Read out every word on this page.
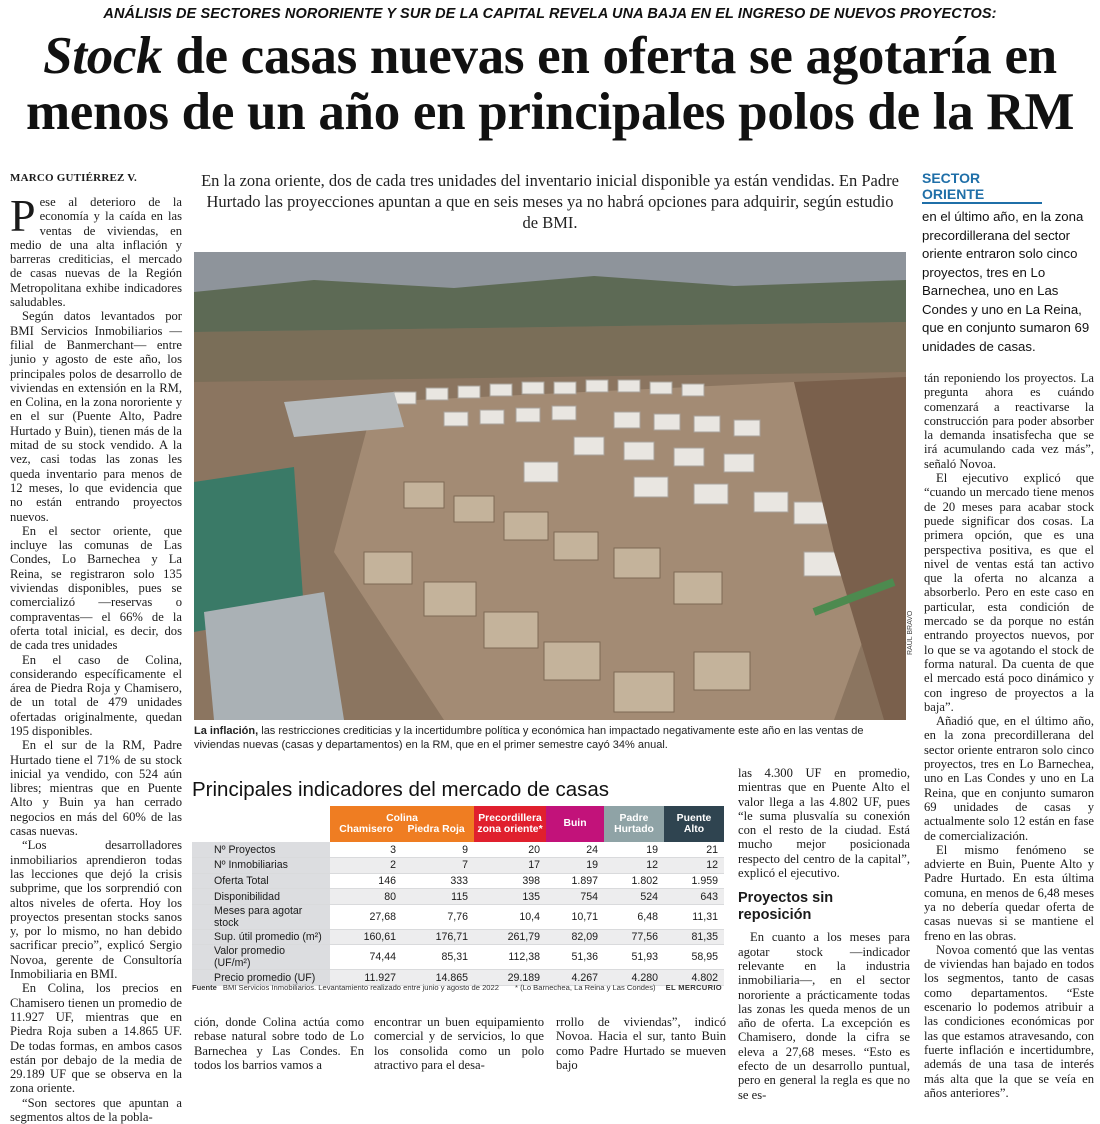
ANÁLISIS DE SECTORES NORORIENTE Y SUR DE LA CAPITAL REVELA UNA BAJA EN EL INGRESO DE NUEVOS PROYECTOS:
Stock de casas nuevas en oferta se agotaría en
menos de un año en principales polos de la RM
MARCO GUTIÉRREZ V.

Pese al deterioro de la economía y la caída en las ventas de viviendas, en medio de una alta inflación y barreras crediticias, el mercado de casas nuevas de la Región Metropolitana exhibe indicadores saludables.

Según datos levantados por BMI Servicios Inmobiliarios —filial de Banmerchant— entre junio y agosto de este año, los principales polos de desarrollo de viviendas en extensión en la RM, en Colina, en la zona nororiente y en el sur (Puente Alto, Padre Hurtado y Buin), tienen más de la mitad de su stock vendido. A la vez, casi todas las zonas les queda inventario para menos de 12 meses, lo que evidencia que no están entrando proyectos nuevos.

En el sector oriente, que incluye las comunas de Las Condes, Lo Barnechea y La Reina, se registraron solo 135 viviendas disponibles, pues se comercializó —reservas o compraventas— el 66% de la oferta total inicial, es decir, dos de cada tres unidades

En el caso de Colina, considerando específicamente el área de Piedra Roja y Chamisero, de un total de 479 unidades ofertadas originalmente, quedan 195 disponibles.

En el sur de la RM, Padre Hurtado tiene el 71% de su stock inicial ya vendido, con 524 aún libres; mientras que en Puente Alto y Buin ya han cerrado negocios en más del 60% de las casas nuevas.

“Los desarrolladores inmobiliarios aprendieron todas las lecciones que dejó la crisis subprime, que los sorprendió con altos niveles de oferta. Hoy los proyectos presentan stocks sanos y, por lo mismo, no han debido sacrificar precio”, explicó Sergio Novoa, gerente de Consultoría Inmobiliaria en BMI.

En Colina, los precios en Chamisero tienen un promedio de 11.927 UF, mientras que en Piedra Roja suben a 14.865 UF. De todas formas, en ambos casos están por debajo de la media de 29.189 UF que se observa en la zona oriente.

“Son sectores que apuntan a segmentos altos de la pobla-

En la zona oriente, dos de cada tres unidades del inventario inicial disponible ya están vendidas. En Padre Hurtado las proyecciones apuntan a que en seis meses ya no habrá opciones para adquirir, según estudio de BMI.
RAÚL BRAVO
La inflación, las restricciones crediticias y la incertidumbre política y económica han impactado negativamente este año en las ventas de viviendas nuevas (casas y departamentos) en la RM, que en el primer semestre cayó 34% anual.
SECTOR ORIENTE
en el último año, en la zona precordillerana del sector oriente entraron solo cinco proyectos, tres en Lo Barnechea, uno en Las Condes y uno en La Reina, que en conjunto sumaron 69 unidades de casas.

tán reponiendo los proyectos. La pregunta ahora es cuándo comenzará a reactivarse la construcción para poder absorber la demanda insatisfecha que se irá acumulando cada vez más”, señaló Novoa.

El ejecutivo explicó que “cuando un mercado tiene menos de 20 meses para acabar stock puede significar dos cosas. La primera opción, que es una perspectiva positiva, es que el nivel de ventas está tan activo que la oferta no alcanza a absorberlo. Pero en este caso en particular, esta condición de mercado se da porque no están entrando proyectos nuevos, por lo que se va agotando el stock de forma natural. Da cuenta de que el mercado está poco dinámico y con ingreso de proyectos a la baja”.

Añadió que, en el último año, en la zona precordillerana del sector oriente entraron solo cinco proyectos, tres en Lo Barnechea, uno en Las Condes y uno en La Reina, que en conjunto sumaron 69 unidades de casas y actualmente solo 12 están en fase de comercialización.

El mismo fenómeno se advierte en Buin, Puente Alto y Padre Hurtado. En esta última comuna, en menos de 6,48 meses ya no debería quedar oferta de casas nuevas si se mantiene el freno en las obras.

Novoa comentó que las ventas de viviendas han bajado en todos los segmentos, tanto de casas como departamentos. “Este escenario lo podemos atribuir a las condiciones económicas por las que estamos atravesando, con fuerte inflación e incertidumbre, además de una tasa de interés más alta que la que se veía en años anteriores”.

Principales indicadores del mercado de casas

	Colina
Chamisero Piedra Roja		Precordillera zona oriente*	Buin	Padre Hurtado	Puente Alto
Nº Proyectos	3	9	20	24	19	21
Nº Inmobiliarias	2	7	17	19	12	12
Oferta Total	146	333	398	1.897	1.802	1.959
Disponibilidad	80	115	135	754	524	643
Meses para agotar stock	27,68	7,76	10,4	10,71	6,48	11,31
Sup. útil promedio (m²)	160,61	176,71	261,79	82,09	77,56	81,35
Valor promedio (UF/m²)	74,44	85,31	112,38	51,36	51,93	58,95
Precio promedio (UF)	11.927	14.865	29.189	4.267	4.280	4.802
Fuente BMI Servicios Inmobiliarios. Levantamiento realizado entre junio y agosto de 2022 * (Lo Barnechea, La Reina y Las Condes) EL MERCURIO

las 4.300 UF en promedio, mientras que en Puente Alto el valor llega a las 4.802 UF, pues “le suma plusvalía su conexión con el resto de la ciudad. Está mucho mejor posicionada respecto del centro de la capital”, explicó el ejecutivo.

Proyectos sin reposición

En cuanto a los meses para agotar stock —indicador relevante en la industria inmobiliaria—, en el sector nororiente a prácticamente todas las zonas les queda menos de un año de oferta. La excepción es Chamisero, donde la cifra se eleva a 27,68 meses. “Esto es efecto de un desarrollo puntual, pero en general la regla es que no se es-

ción, donde Colina actúa como rebase natural sobre todo de Lo Barnechea y Las Condes. En todos los barrios vamos a
encontrar un buen equipamiento comercial y de servicios, lo que los consolida como un polo atractivo para el desa-
rrollo de viviendas”, indicó Novoa. Hacia el sur, tanto Buin como Padre Hurtado se mueven bajo
